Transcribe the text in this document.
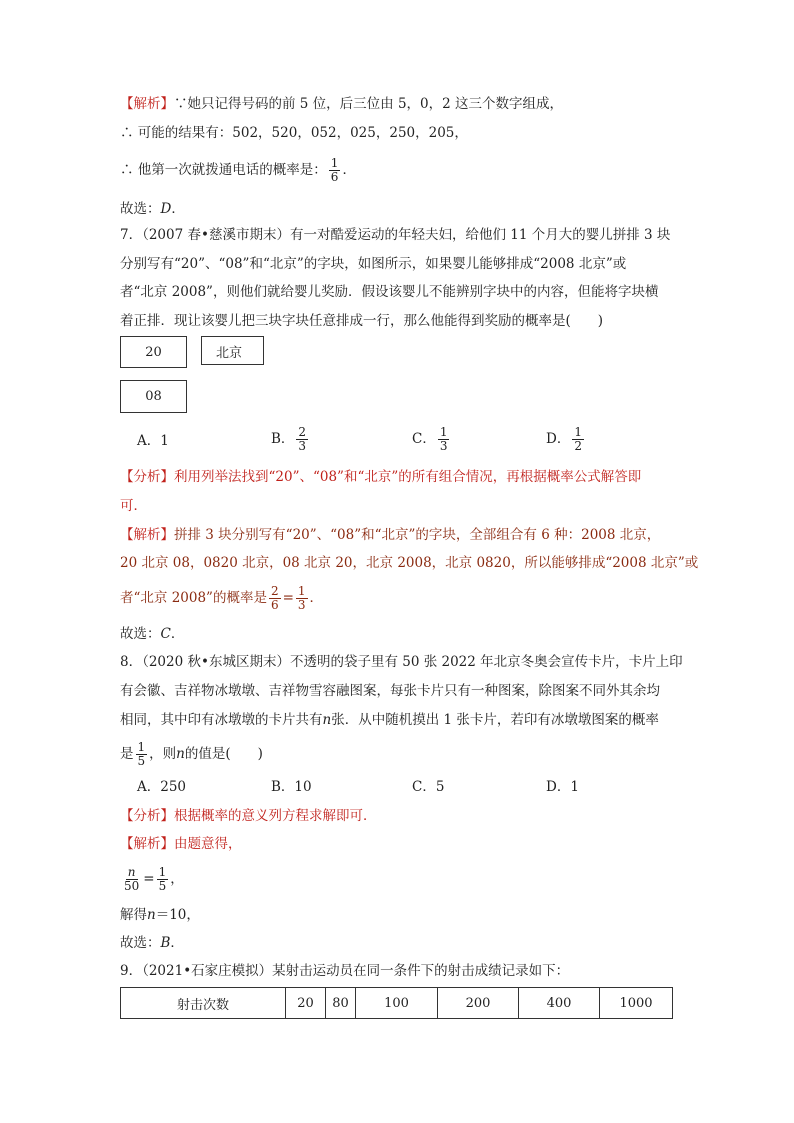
【解析】∵她只记得号码的前 5 位，后三位由 5，0，2 这三个数字组成，
∴ 可能的结果有：502，520，052，025，250，205，
∴ 他第一次就拨通电话的概率是： $\frac{1}{6}$ ．
故选：D．
7．（2007 春•慈溪市期末）有一对酷爱运动的年轻夫妇，给他们 11 个月大的婴儿拼排 3 块
分别写有“20”、“08”和“北京”的字块，如图所示，如果婴儿能够排成“2008 北京”或
者“北京 2008”，则他们就给婴儿奖励．假设该婴儿不能辨别字块中的内容，但能将字块横
着正排．现让该婴儿把三块字块任意排成一行，那么他能得到奖励的概率是(　　)
20	北京
08
A．1	B． $\frac{2}{3}$	C． $\frac{1}{3}$	D． $\frac{1}{2}$
【分析】利用列举法找到“20”、“08”和“北京”的所有组合情况，再根据概率公式解答即
可．
【解析】拼排 3 块分别写有“20”、“08”和“北京”的字块，全部组合有 6 种：2008 北京，
20 北京 08，0820 北京，08 北京 20，北京 2008，北京 0820，所以能够排成“2008 北京”或
者“北京 2008”的概率是 $\frac{2}{6} = \frac{1}{3}$ ．
故选：C．
8．（2020 秋•东城区期末）不透明的袋子里有 50 张 2022 年北京冬奥会宣传卡片，卡片上印
有会徽、吉祥物冰墩墩、吉祥物雪容融图案，每张卡片只有一种图案，除图案不同外其余均
相同，其中印有冰墩墩的卡片共有n张．从中随机摸出 1 张卡片，若印有冰墩墩图案的概率
是 $\frac{1}{5}$ ，则n的值是(　　)
A．250	B．10	C．5	D．1
【分析】根据概率的意义列方程求解即可．
【解析】由题意得，
$\frac{n}{50} = \frac{1}{5}$ ，
解得n＝10，
故选：B．
9．（2021•石家庄模拟）某射击运动员在同一条件下的射击成绩记录如下：
射击次数	20	80	100	200	400	1000
